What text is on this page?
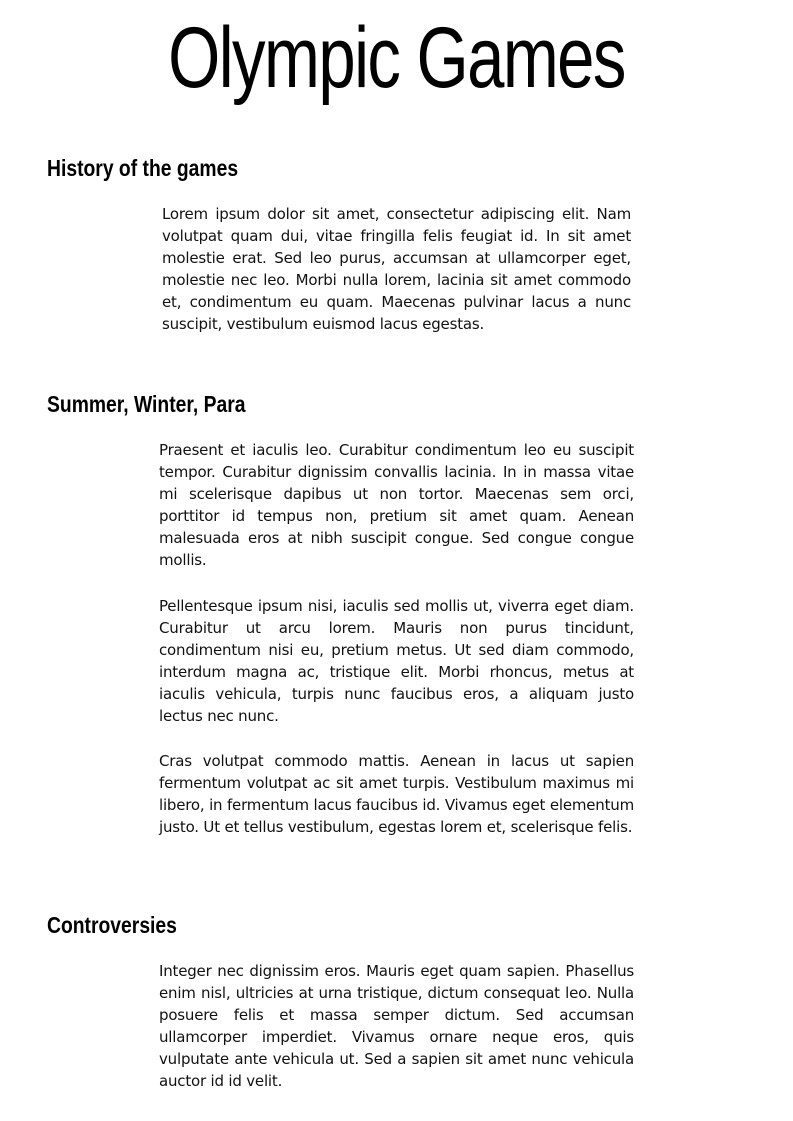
Olympic Games
History of the games

Lorem ipsum dolor sit amet, consectetur adipiscing elit. Nam volutpat quam dui, vitae fringilla felis feugiat id. In sit amet molestie erat. Sed leo purus, accumsan at ullamcorper eget, molestie nec leo. Morbi nulla lorem, lacinia sit amet commodo et, condimentum eu quam. Maecenas pulvinar lacus a nunc suscipit, vestibulum euismod lacus egestas.

Summer, Winter, Para

Praesent et iaculis leo. Curabitur condimentum leo eu suscipit tempor. Curabitur dignissim convallis lacinia. In in massa vitae mi scelerisque dapibus ut non tortor. Maecenas sem orci, porttitor id tempus non, pretium sit amet quam. Aenean malesuada eros at nibh suscipit congue. Sed congue congue mollis.

Pellentesque ipsum nisi, iaculis sed mollis ut, viverra eget diam. Curabitur ut arcu lorem. Mauris non purus tincidunt, condimentum nisi eu, pretium metus. Ut sed diam commodo, interdum magna ac, tristique elit. Morbi rhoncus, metus at iaculis vehicula, turpis nunc faucibus eros, a aliquam justo lectus nec nunc.

Cras volutpat commodo mattis. Aenean in lacus ut sapien fermentum volutpat ac sit amet turpis. Vestibulum maximus mi libero, in fermentum lacus faucibus id. Vivamus eget elementum justo. Ut et tellus vestibulum, egestas lorem et, scelerisque felis.

Controversies

Integer nec dignissim eros. Mauris eget quam sapien. Phasellus enim nisl, ultricies at urna tristique, dictum consequat leo. Nulla posuere felis et massa semper dictum. Sed accumsan ullamcorper imperdiet. Vivamus ornare neque eros, quis vulputate ante vehicula ut. Sed a sapien sit amet nunc vehicula auctor id id velit.
